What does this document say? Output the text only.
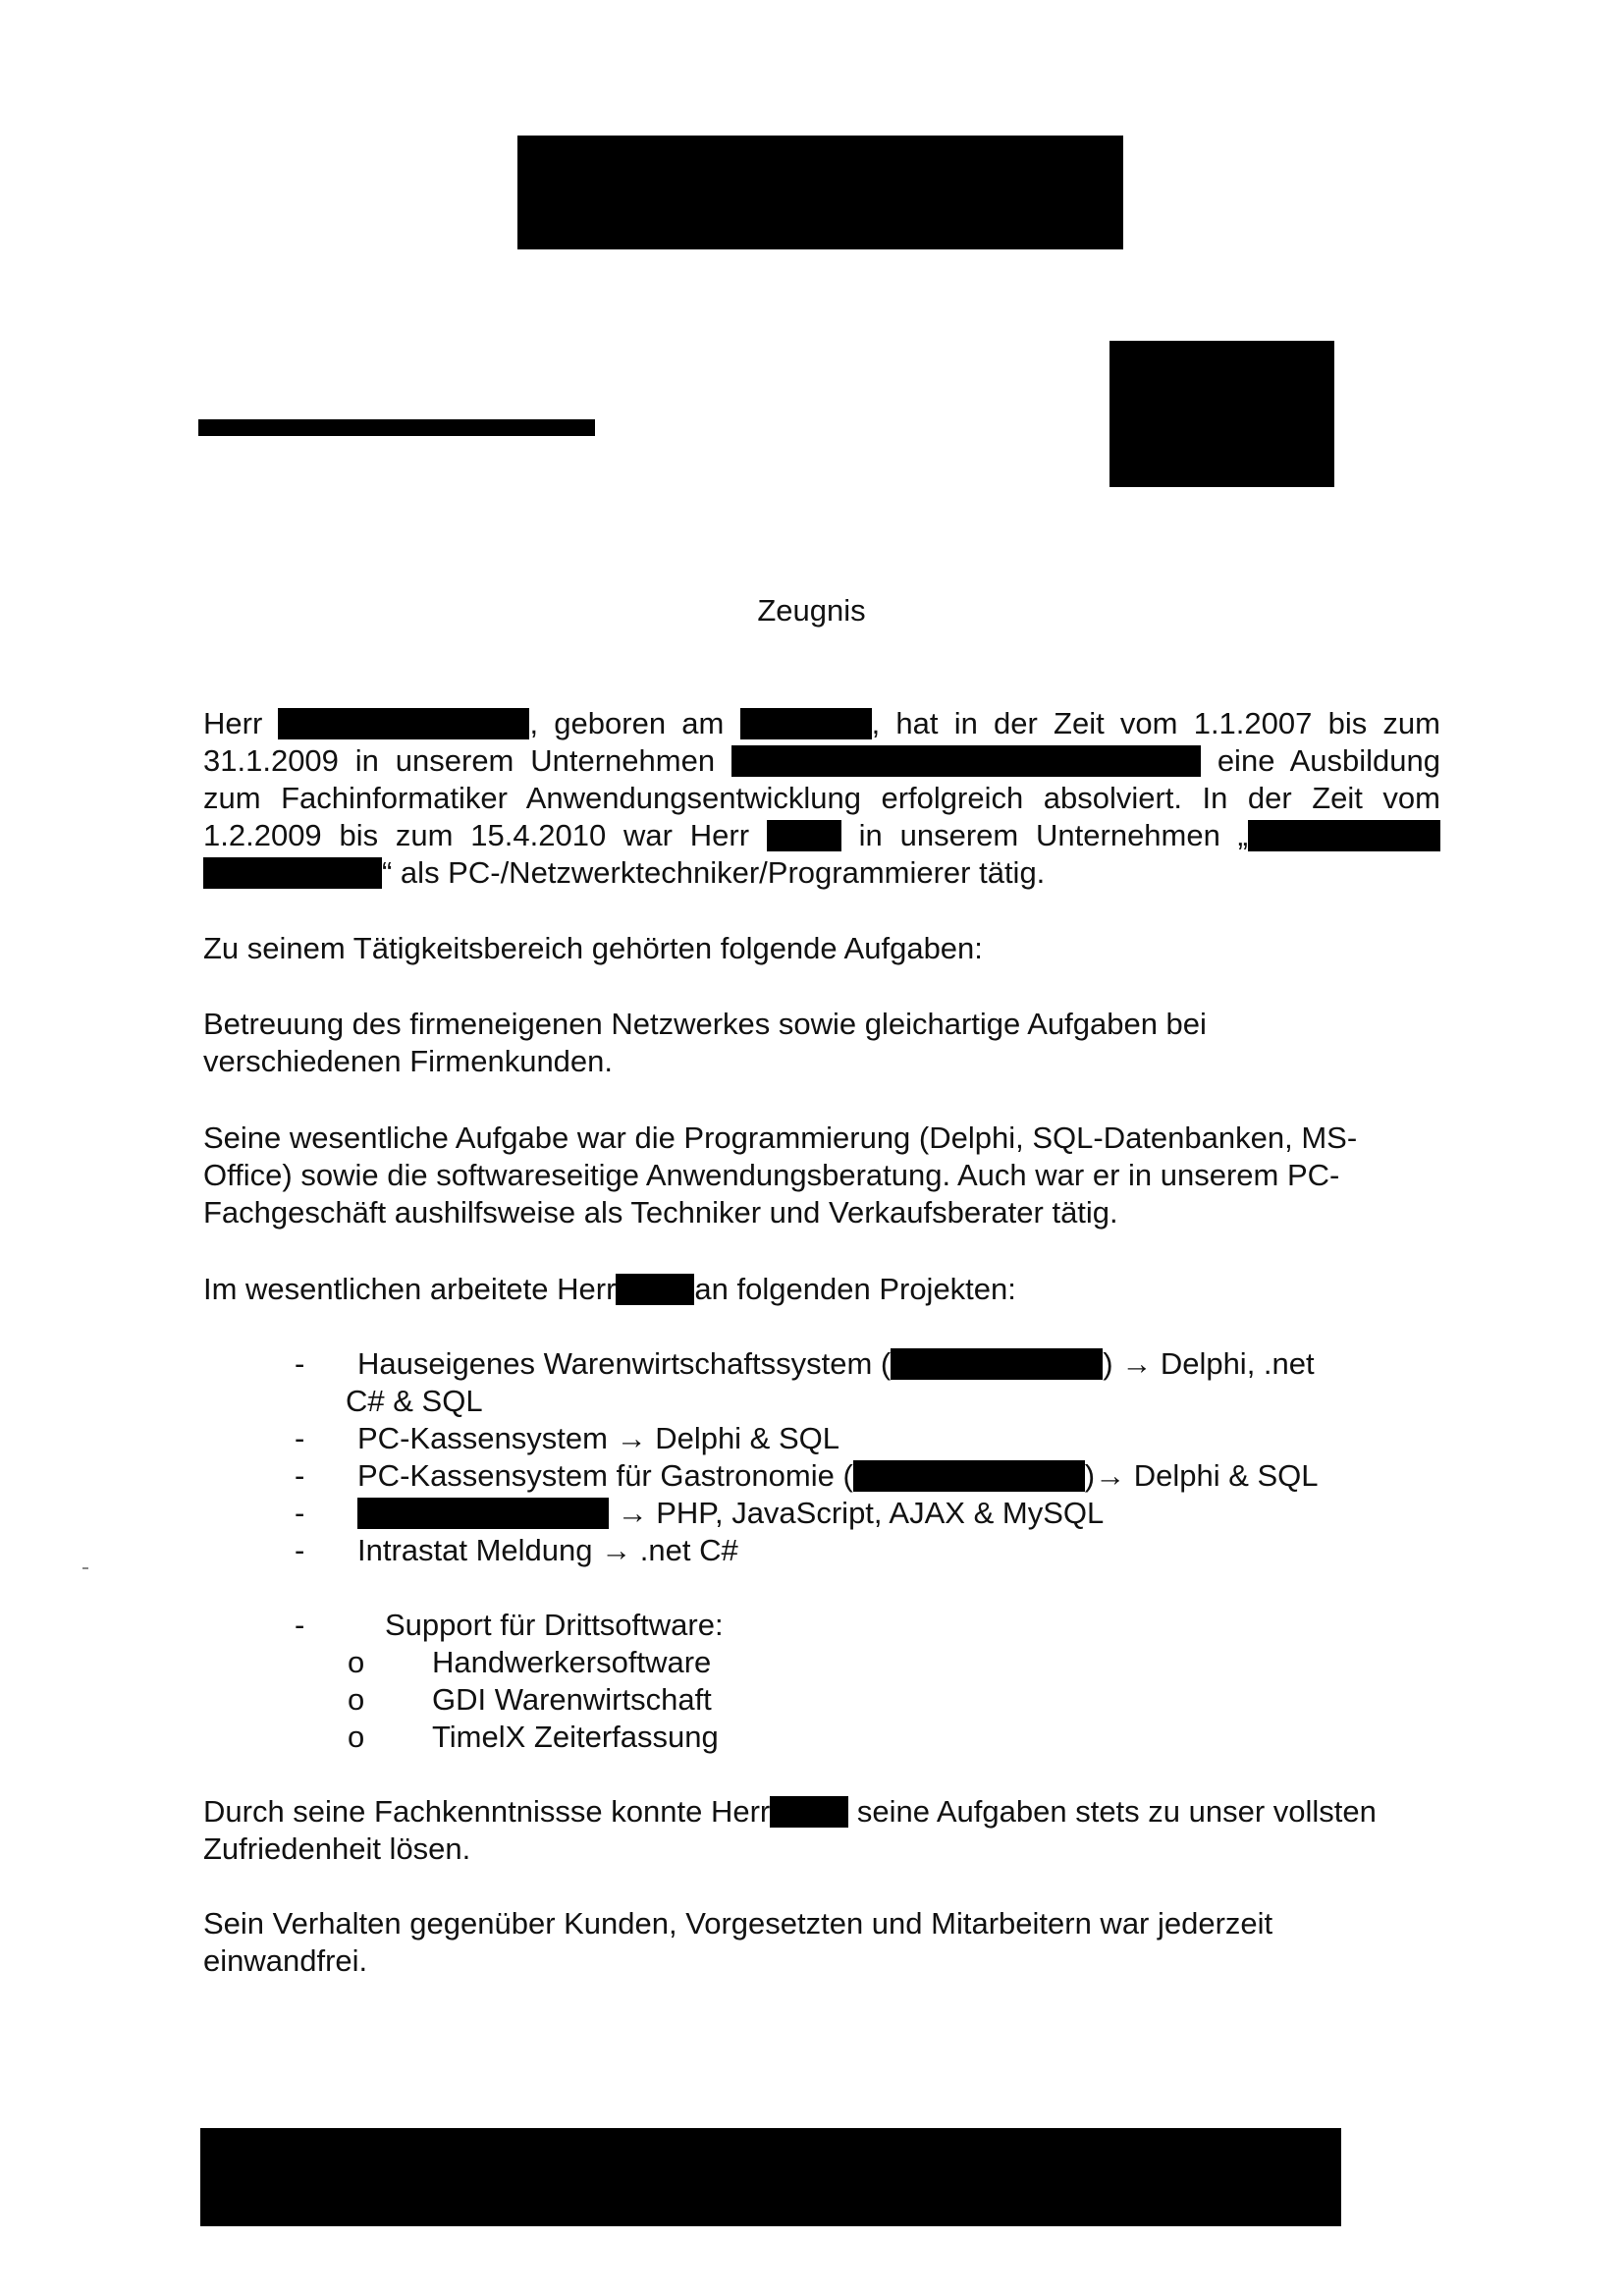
Zeugnis

Herr	, geboren am	, hat in der Zeit vom 1.1.2007 bis zum 31.1.2009 in unserem Unternehmen	eine Ausbildung zum Fachinformatiker Anwendungsentwicklung erfolgreich absolviert. In der Zeit vom 1.2.2009 bis zum 15.4.2010 war Herr  in unserem Unternehmen „ “ als PC-/Netzwerktechniker/Programmierer tätig.

Zu seinem Tätigkeitsbereich gehörten folgende Aufgaben:
Betreuung des firmeneigenen Netzwerkes sowie gleichartige Aufgaben bei verschiedenen Firmenkunden.
Seine wesentliche Aufgabe war die Programmierung (Delphi, SQL-Datenbanken, MS-Office) sowie die softwareseitige Anwendungsberatung. Auch war er in unserem PC-Fachgeschäft aushilfsweise als Techniker und Verkaufsberater tätig.
Im wesentlichen arbeitete Herr	an folgenden Projekten:
- Hauseigenes Warenwirtschaftssystem (	) → Delphi, .net
C# & SQL
- PC-Kassensystem → Delphi & SQL
- PC-Kassensystem für Gastronomie (	)→ Delphi & SQL
-	→ PHP, JavaScript, AJAX & MySQL
- Intrastat Meldung → .net C#
-	Support für Drittsoftware:
o Handwerkersoftware
o GDI Warenwirtschaft
o TimelX Zeiterfassung
Durch seine Fachkenntnissse konnte Herr	seine Aufgaben stets zu unser vollsten Zufriedenheit lösen.
Sein Verhalten gegenüber Kunden, Vorgesetzten und Mitarbeitern war jederzeit einwandfrei.
